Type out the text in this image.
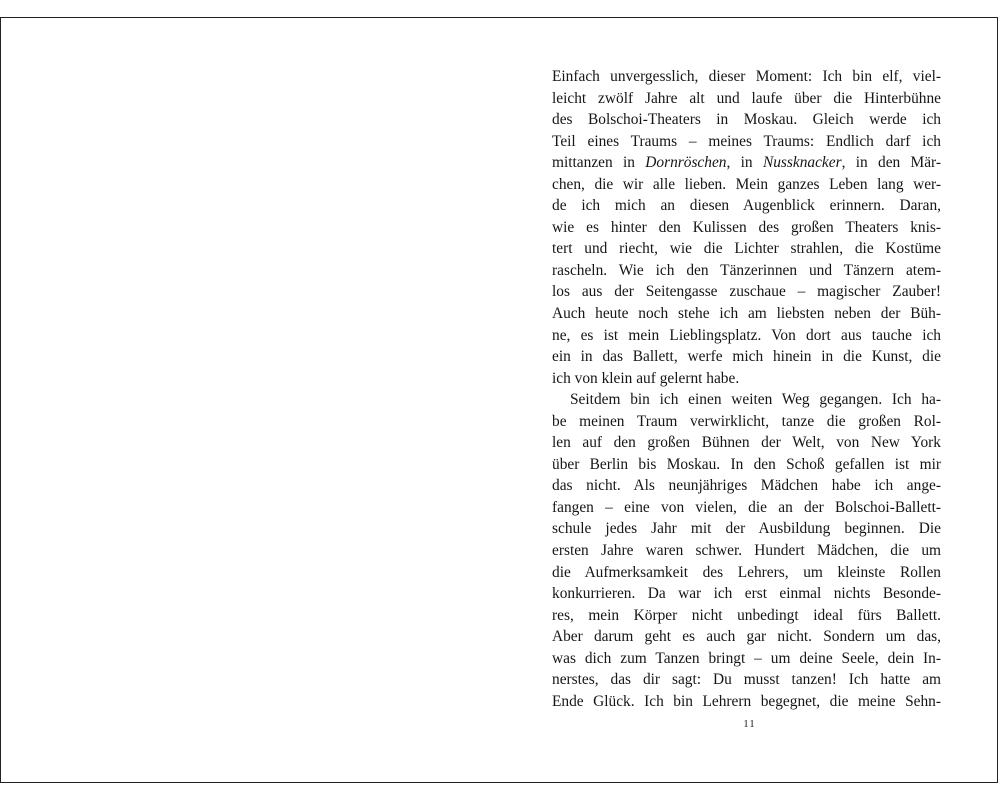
Einfach unvergesslich, dieser Moment: Ich bin elf, viel-
leicht zwölf Jahre alt und laufe über die Hinterbühne
des Bolschoi-Theaters in Moskau. Gleich werde ich
Teil eines Traums – meines Traums: Endlich darf ich
mittanzen in Dornröschen, in Nussknacker, in den Mär-
chen, die wir alle lieben. Mein ganzes Leben lang wer-
de ich mich an diesen Augenblick erinnern. Daran,
wie es hinter den Kulissen des großen Theaters knis-
tert und riecht, wie die Lichter strahlen, die Kostüme
rascheln. Wie ich den Tänzerinnen und Tänzern atem-
los aus der Seitengasse zuschaue – magischer Zauber!
Auch heute noch stehe ich am liebsten neben der Büh-
ne, es ist mein Lieblingsplatz. Von dort aus tauche ich
ein in das Ballett, werfe mich hinein in die Kunst, die
ich von klein auf gelernt habe.
Seitdem bin ich einen weiten Weg gegangen. Ich ha-
be meinen Traum verwirklicht, tanze die großen Rol-
len auf den großen Bühnen der Welt, von New York
über Berlin bis Moskau. In den Schoß gefallen ist mir
das nicht. Als neunjähriges Mädchen habe ich ange-
fangen – eine von vielen, die an der Bolschoi-Ballett-
schule jedes Jahr mit der Ausbildung beginnen. Die
ersten Jahre waren schwer. Hundert Mädchen, die um
die Aufmerksamkeit des Lehrers, um kleinste Rollen
konkurrieren. Da war ich erst einmal nichts Besonde-
res, mein Körper nicht unbedingt ideal fürs Ballett.
Aber darum geht es auch gar nicht. Sondern um das,
was dich zum Tanzen bringt – um deine Seele, dein In-
nerstes, das dir sagt: Du musst tanzen! Ich hatte am
Ende Glück. Ich bin Lehrern begegnet, die meine Sehn-
11
